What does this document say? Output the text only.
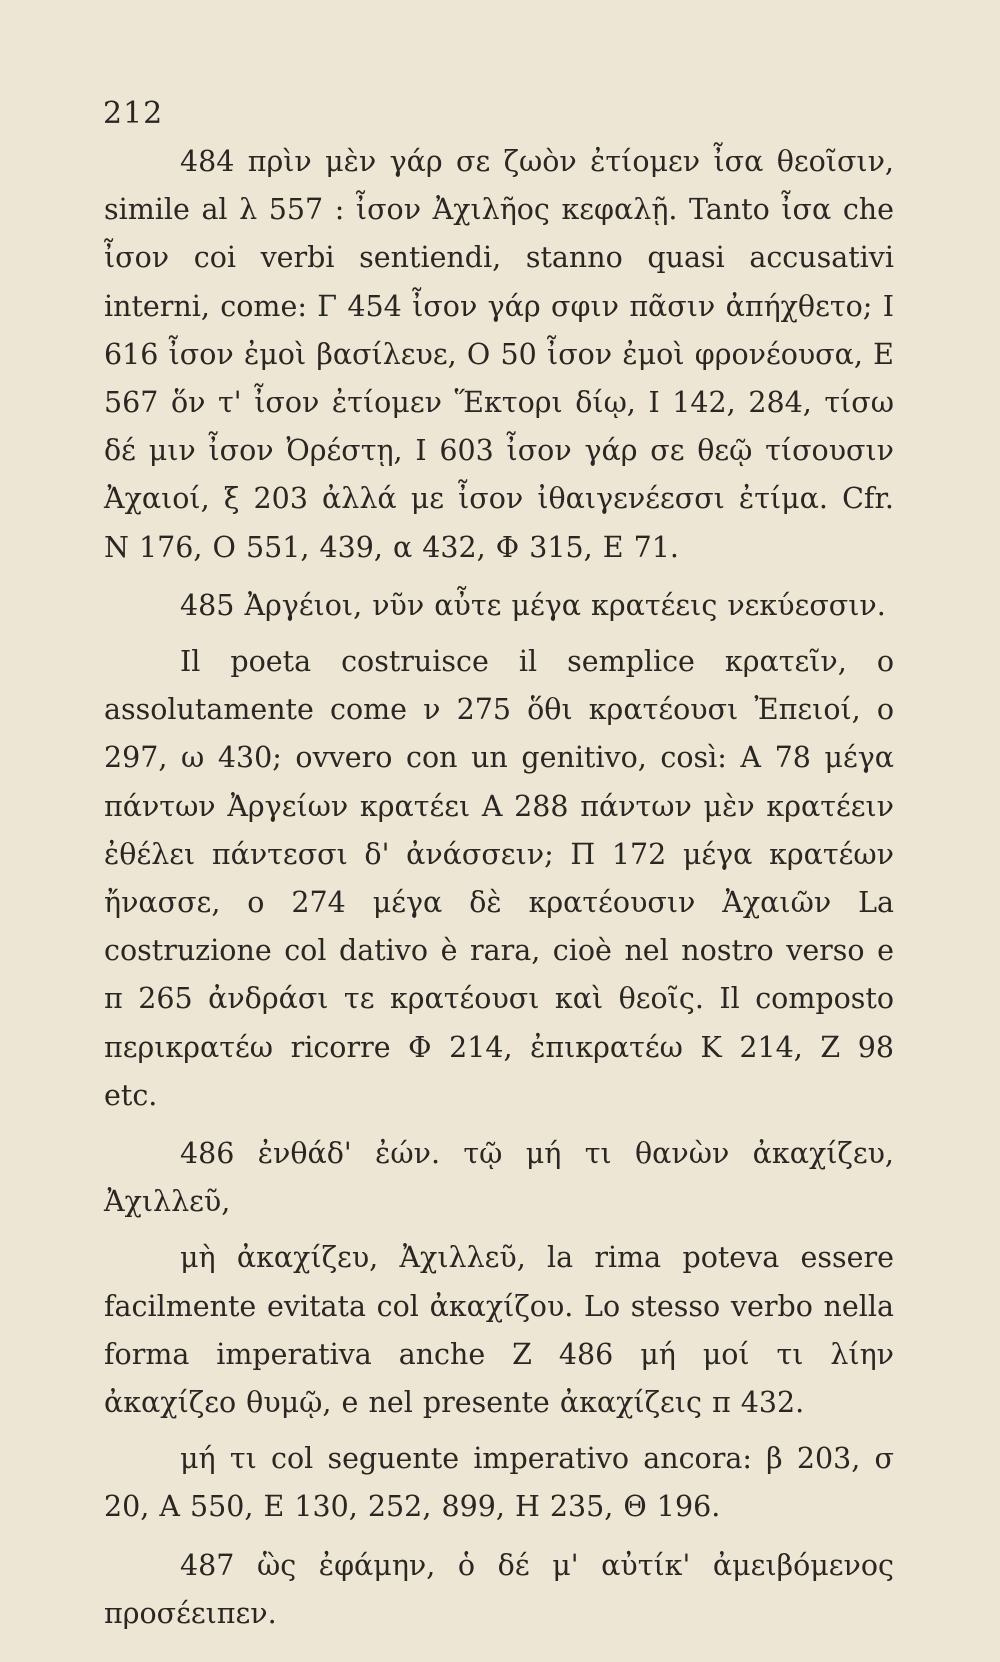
212

484 πρὶν μὲν γάρ σε ζωὸν ἐτίομεν ἶσα θεοῖσιν, simile al λ 557 : ἶσον Ἀχιλῆος κεφαλῇ. Tanto ἶσα che ἶσον coi verbi sentiendi, stanno quasi accusativi interni, come: Γ 454 ἶσον γάρ σφιν πᾶσιν ἀπήχθετο; Ι 616 ἶσον ἐμοὶ βασίλευε, Ο 50 ἶσον ἐμοὶ φρονέουσα, Ε 567 ὅν τ' ἶσον ἐτίομεν Ἕκτορι δίῳ, Ι 142, 284, τίσω δέ μιν ἶσον Ὀρέστῃ, Ι 603 ἶσον γάρ σε θεῷ τίσουσιν Ἀχαιοί, ξ 203 ἀλλά με ἶσον ἰθαιγενέεσσι ἐτίμα. Cfr. N 176, O 551, 439, α 432, Φ 315, E 71.

485 Ἀργέιοι, νῦν αὖτε μέγα κρατέεις νεκύεσσιν.

Il poeta costruisce il semplice κρατεῖν, o assolutamente come ν 275 ὅθι κρατέουσι Ἐπειοί, ο 297, ω 430; ovvero con un genitivo, così: A 78 μέγα πάντων Ἀργείων κρατέει A 288 πάντων μὲν κρατέειν ἐθέλει πάντεσσι δ' ἀνάσσειν; Π 172 μέγα κρατέων ἤνασσε, ο 274 μέγα δὲ κρατέουσιν Ἀχαιῶν La costruzione col dativo è rara, cioè nel nostro verso e π 265 ἀνδράσι τε κρατέουσι καὶ θεοῖς. Il composto περικρατέω ricorre Φ 214, ἐπικρατέω K 214, Z 98 etc.

486 ἐνθάδ' ἐών. τῷ μή τι θανὼν ἀκαχίζευ, Ἀχιλλεῦ,

μὴ ἀκαχίζευ, Ἀχιλλεῦ, la rima poteva essere facilmente evitata col ἀκαχίζου. Lo stesso verbo nella forma imperativa anche Z 486 μή μοί τι λίην ἀκαχίζεο θυμῷ, e nel presente ἀκαχίζεις π 432.

μή τι col seguente imperativo ancora: β 203, σ 20, A 550, E 130, 252, 899, H 235, Θ 196.

487 ὣς ἐφάμην, ὁ δέ μ' αὐτίκ' ἀμειβόμενος προσέειπεν.
